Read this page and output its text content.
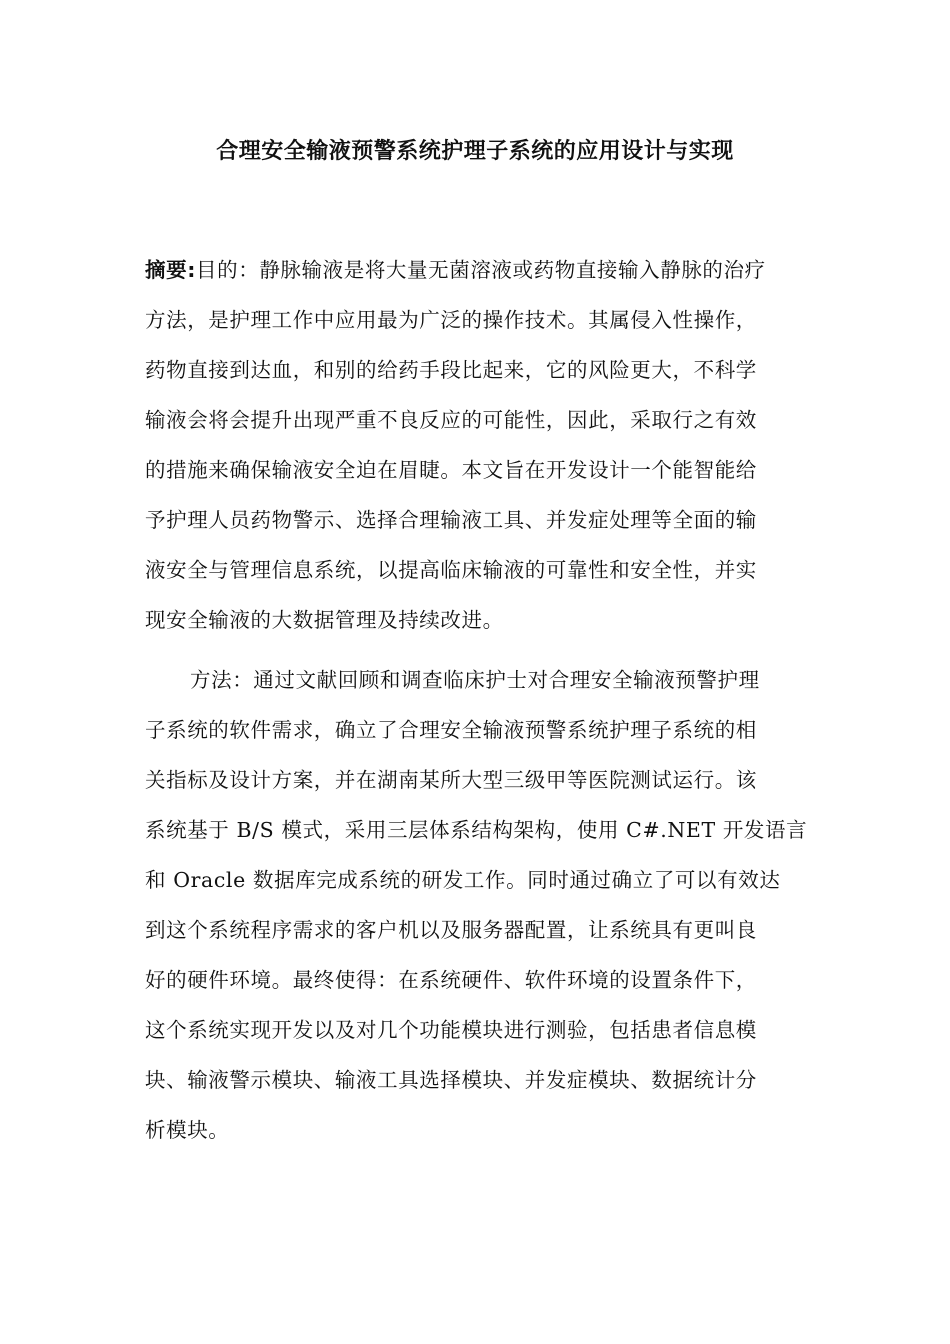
合理安全输液预警系统护理子系统的应用设计与实现
摘要:目的：静脉输液是将大量无菌溶液或药物直接输入静脉的治疗
方法，是护理工作中应用最为广泛的操作技术。其属侵入性操作，
药物直接到达血，和别的给药手段比起来，它的风险更大，不科学
输液会将会提升出现严重不良反应的可能性，因此，采取行之有效
的措施来确保输液安全迫在眉睫。本文旨在开发设计一个能智能给
予护理人员药物警示、选择合理输液工具、并发症处理等全面的输
液安全与管理信息系统，以提高临床输液的可靠性和安全性，并实
现安全输液的大数据管理及持续改进。
方法：通过文献回顾和调查临床护士对合理安全输液预警护理
子系统的软件需求，确立了合理安全输液预警系统护理子系统的相
关指标及设计方案，并在湖南某所大型三级甲等医院测试运行。该
系统基于 B/S 模式，采用三层体系结构架构，使用 C#.NET 开发语言
和 Oracle 数据库完成系统的研发工作。同时通过确立了可以有效达
到这个系统程序需求的客户机以及服务器配置，让系统具有更叫良
好的硬件环境。最终使得：在系统硬件、软件环境的设置条件下，
这个系统实现开发以及对几个功能模块进行测验，包括患者信息模
块、输液警示模块、输液工具选择模块、并发症模块、数据统计分
析模块。
